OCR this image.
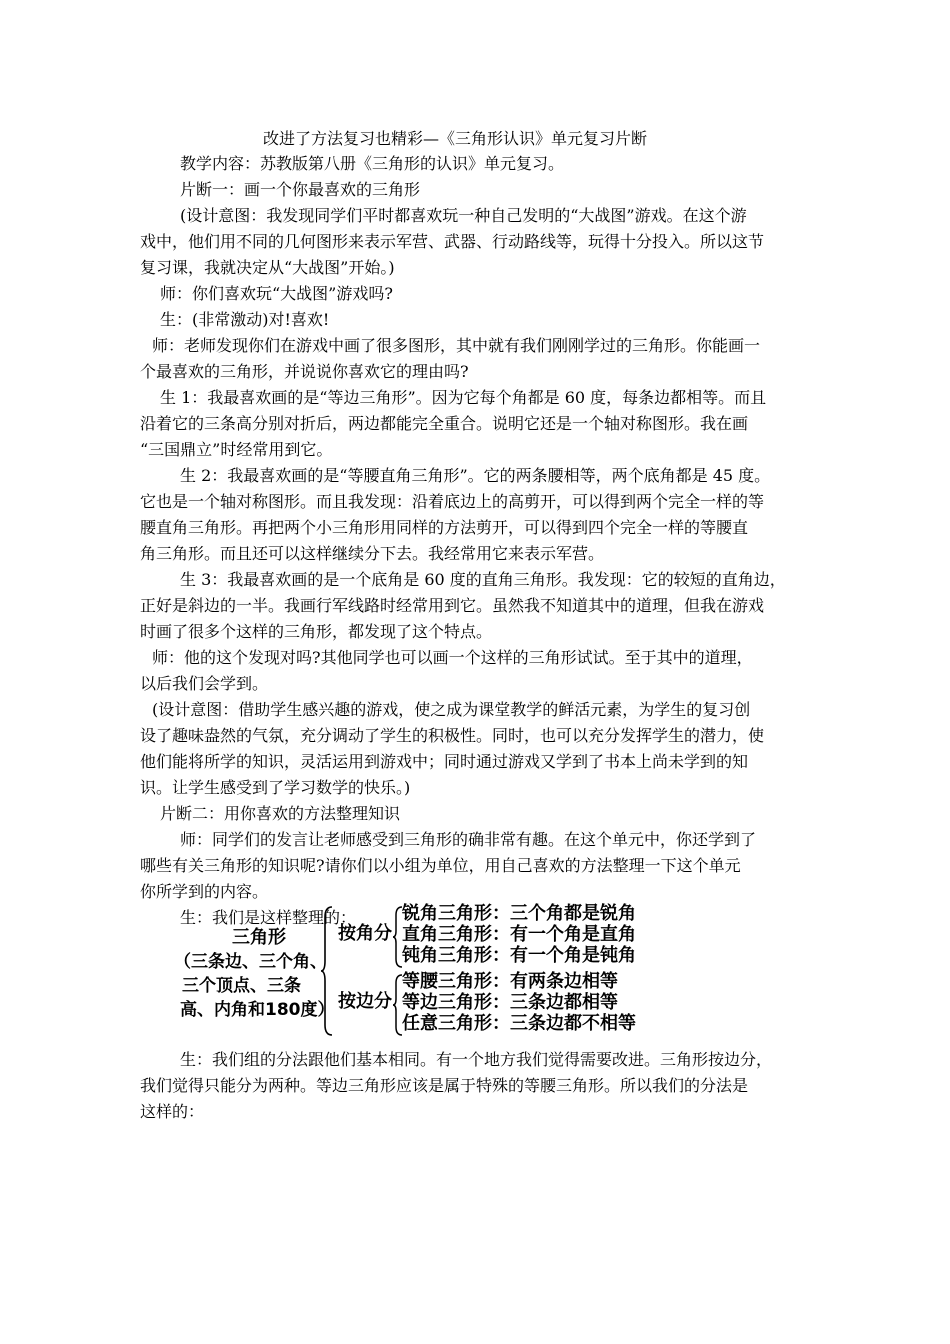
改进了方法复习也精彩—《三角形认识》单元复习片断
教学内容：苏教版第八册《三角形的认识》单元复习。
片断一：画一个你最喜欢的三角形
(设计意图：我发现同学们平时都喜欢玩一种自己发明的“大战图”游戏。在这个游
戏中，他们用不同的几何图形来表示军营、武器、行动路线等，玩得十分投入。所以这节
复习课，我就决定从“大战图”开始。)
师：你们喜欢玩“大战图”游戏吗?
生：(非常激动)对!喜欢!
师：老师发现你们在游戏中画了很多图形，其中就有我们刚刚学过的三角形。你能画一
个最喜欢的三角形，并说说你喜欢它的理由吗?
生 1：我最喜欢画的是“等边三角形”。因为它每个角都是 60 度，每条边都相等。而且
沿着它的三条高分别对折后，两边都能完全重合。说明它还是一个轴对称图形。我在画
“三国鼎立”时经常用到它。
生 2：我最喜欢画的是“等腰直角三角形”。它的两条腰相等，两个底角都是 45 度。
它也是一个轴对称图形。而且我发现：沿着底边上的高剪开，可以得到两个完全一样的等
腰直角三角形。再把两个小三角形用同样的方法剪开，可以得到四个完全一样的等腰直
角三角形。而且还可以这样继续分下去。我经常用它来表示军营。
生 3：我最喜欢画的是一个底角是 60 度的直角三角形。我发现：它的较短的直角边，
正好是斜边的一半。我画行军线路时经常用到它。虽然我不知道其中的道理，但我在游戏
时画了很多个这样的三角形，都发现了这个特点。
师：他的这个发现对吗?其他同学也可以画一个这样的三角形试试。至于其中的道理，
以后我们会学到。
(设计意图：借助学生感兴趣的游戏，使之成为课堂教学的鲜活元素，为学生的复习创
设了趣味盎然的气氛，充分调动了学生的积极性。同时，也可以充分发挥学生的潜力，使
他们能将所学的知识，灵活运用到游戏中；同时通过游戏又学到了书本上尚未学到的知
识。让学生感受到了学习数学的快乐。)
片断二：用你喜欢的方法整理知识
师：同学们的发言让老师感受到三角形的确非常有趣。在这个单元中，你还学到了
哪些有关三角形的知识呢?请你们以小组为单位，用自己喜欢的方法整理一下这个单元
你所学到的内容。
生：我们是这样整理的：
三角形
（三条边、三个角、
三个顶点、三条
高、内角和180度）
按角分
锐角三角形：三个角都是锐角
直角三角形：有一个角是直角
钝角三角形：有一个角是钝角
按边分
等腰三角形：有两条边相等
等边三角形：三条边都相等
任意三角形：三条边都不相等
生：我们组的分法跟他们基本相同。有一个地方我们觉得需要改进。三角形按边分，
我们觉得只能分为两种。等边三角形应该是属于特殊的等腰三角形。所以我们的分法是
这样的：
